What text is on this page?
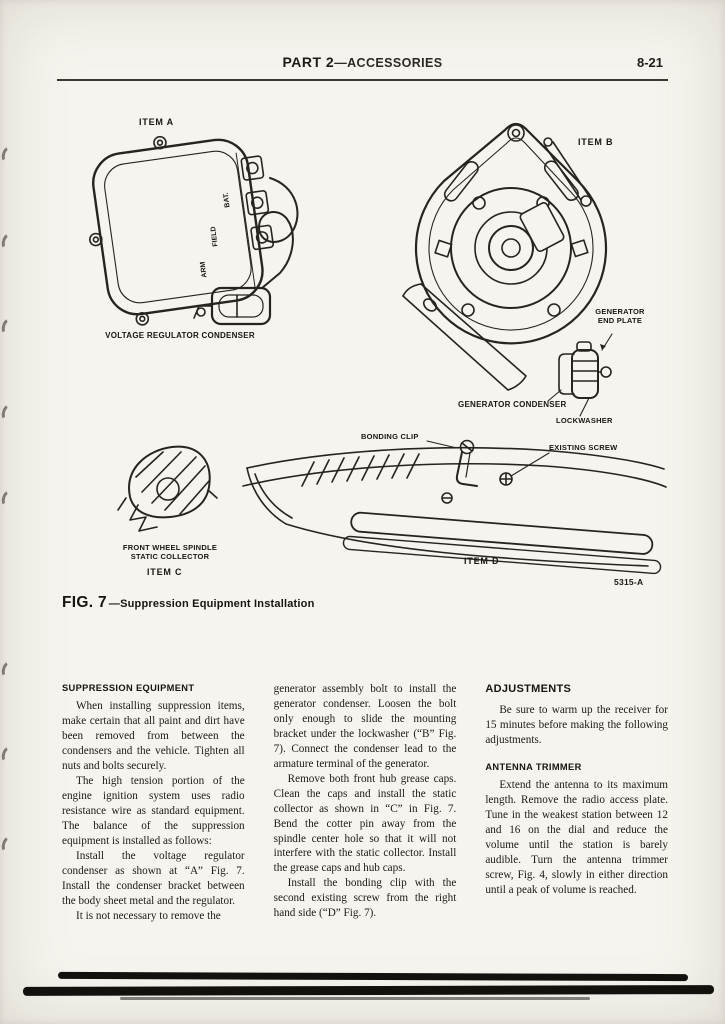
PART 2—ACCESSORIES	8-21
ITEM A
ITEM B
BAT.
FIELD
ARM
VOLTAGE REGULATOR CONDENSER
GENERATOR
END PLATE
GENERATOR CONDENSER
LOCKWASHER
BONDING CLIP
EXISTING SCREW
FRONT WHEEL SPINDLE
STATIC COLLECTOR
ITEM C
ITEM D
5315-A
FIG. 7 —Suppression Equipment Installation
SUPPRESSION EQUIPMENT

When installing suppression items, make certain that all paint and dirt have been removed from between the condensers and the vehicle. Tighten all nuts and bolts securely.

The high tension portion of the engine ignition system uses radio resistance wire as standard equipment. The balance of the suppression equipment is installed as follows:

Install the voltage regulator condenser as shown at “A” Fig. 7. Install the condenser bracket between the body sheet metal and the regulator.

It is not necessary to remove the

generator assembly bolt to install the generator condenser. Loosen the bolt only enough to slide the mounting bracket under the lockwasher (“B” Fig. 7). Connect the condenser lead to the armature terminal of the generator.

Remove both front hub grease caps. Clean the caps and install the static collector as shown in “C” in Fig. 7. Bend the cotter pin away from the spindle center hole so that it will not interfere with the static collector. Install the grease caps and hub caps.

Install the bonding clip with the second existing screw from the right hand side (“D” Fig. 7).

ADJUSTMENTS

Be sure to warm up the receiver for 15 minutes before making the following adjustments.

ANTENNA TRIMMER

Extend the antenna to its maximum length. Remove the radio access plate. Tune in the weakest station between 12 and 16 on the dial and reduce the volume until the station is barely audible. Turn the antenna trimmer screw, Fig. 4, slowly in either direction until a peak of volume is reached.
